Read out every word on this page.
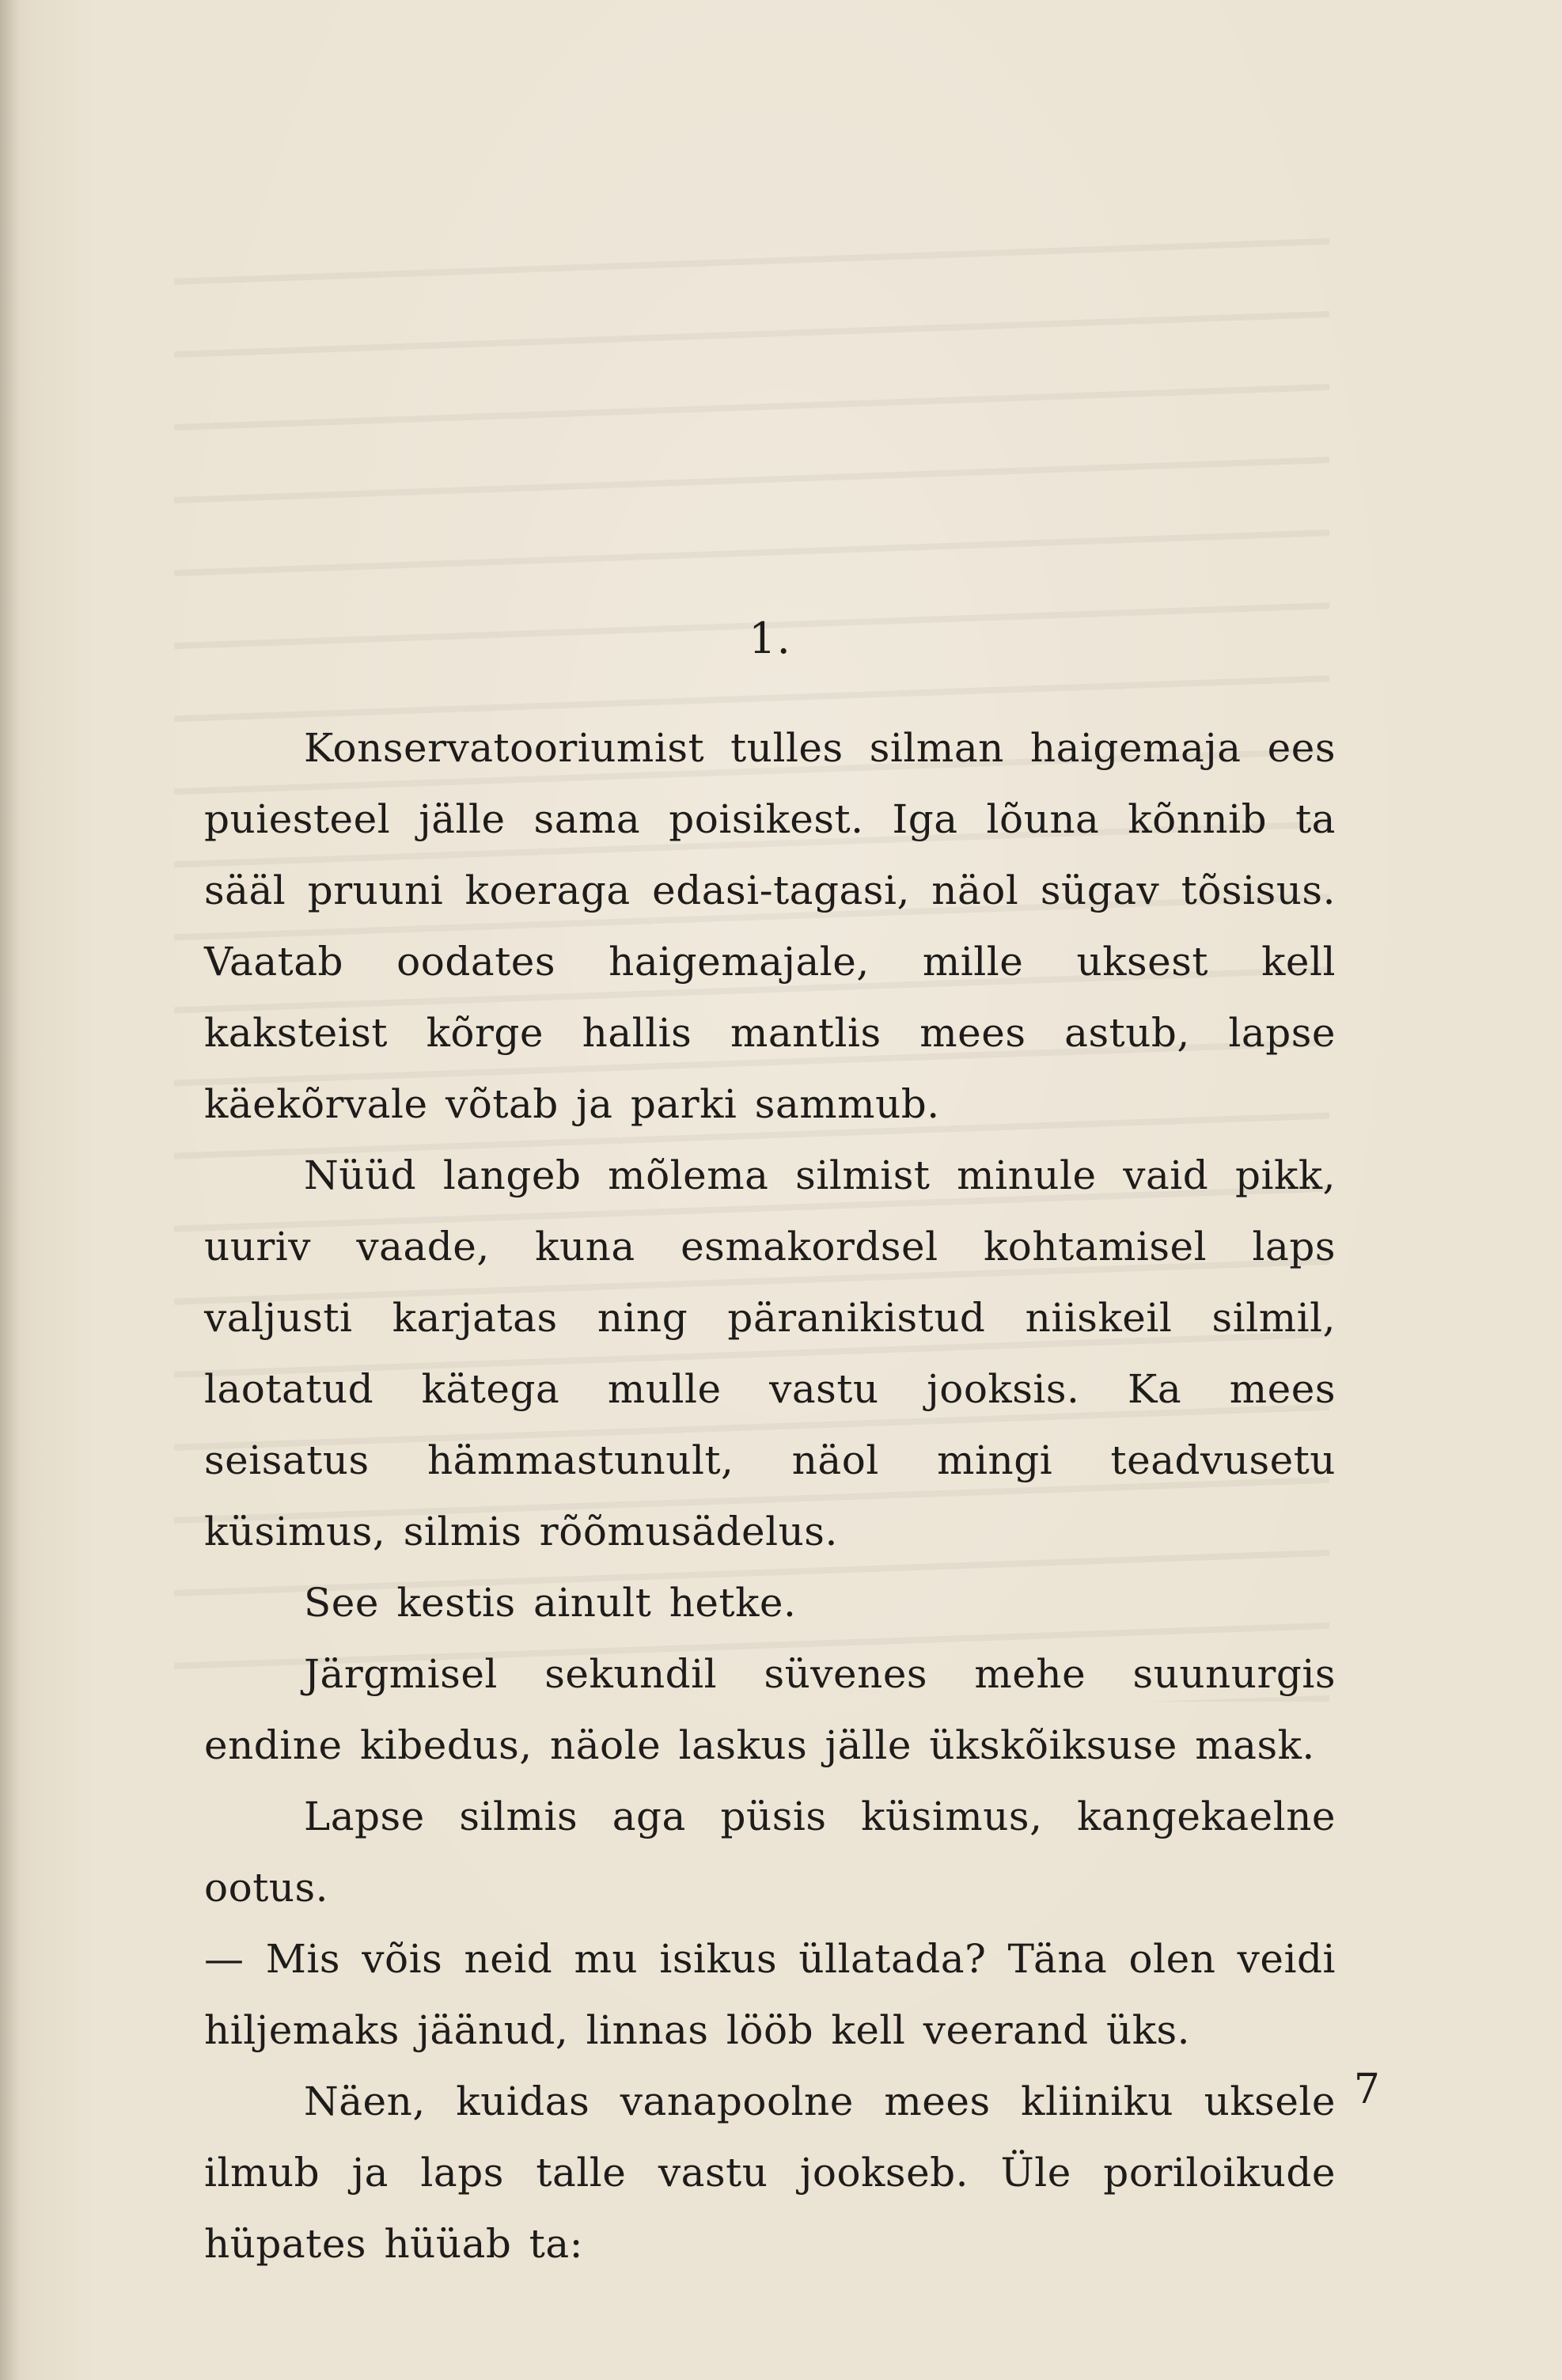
1.

Konservatooriumist tulles silman haigemaja ees puiesteel jälle sama poisikest. Iga lõuna kõnnib ta sääl pruuni koeraga edasi-tagasi, näol sügav tõsisus. Vaatab oodates haigemajale, mille uksest kell kaksteist kõrge hallis mantlis mees astub, lapse käekõrvale võtab ja parki sammub.

Nüüd langeb mõlema silmist minule vaid pikk, uuriv vaade, kuna esmakordsel kohtamisel laps valjusti karjatas ning päranikistud niiskeil silmil, laotatud kätega mulle vastu jooksis. Ka mees seisatus hämmastunult, näol mingi teadvusetu küsimus, silmis rõõmusädelus.

See kestis ainult hetke.

Järgmisel sekundil süvenes mehe suunurgis endine kibedus, näole laskus jälle ükskõiksuse mask.

Lapse silmis aga püsis küsimus, kangekaelne ootus.

— Mis võis neid mu isikus üllatada? Täna olen veidi hiljemaks jäänud, linnas lööb kell veerand üks.

Näen, kuidas vanapoolne mees kliiniku uksele ilmub ja laps talle vastu jookseb. Üle poriloikude hüpates hüüab ta:

7
